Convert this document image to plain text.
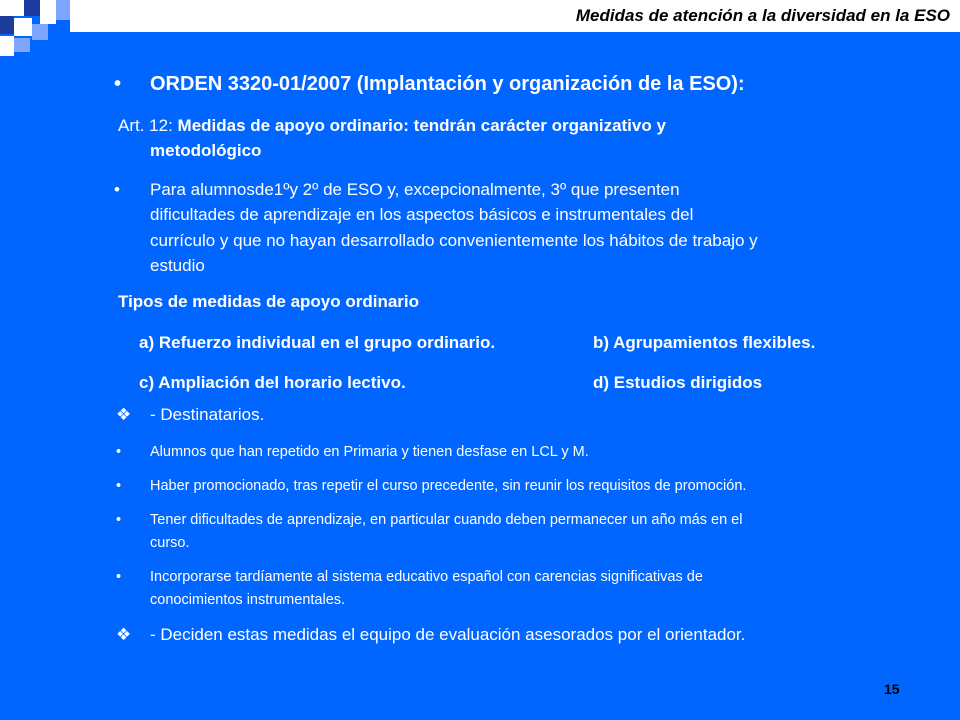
Medidas de atención a la diversidad en la ESO
• ORDEN 3320-01/2007 (Implantación y organización de la ESO):
Art. 12: Medidas de apoyo ordinario: tendrán carácter organizativo y
metodológico
• Para alumnosde1ºy 2º de ESO y, excepcionalmente, 3º que presenten
dificultades de aprendizaje en los aspectos básicos e instrumentales del
currículo y que no hayan desarrollado convenientemente los hábitos de trabajo y
estudio
Tipos de medidas de apoyo ordinario
a) Refuerzo individual en el grupo ordinario.	b) Agrupamientos flexibles.
c) Ampliación del horario lectivo.	d) Estudios dirigidos
❖ - Destinatarios.
• Alumnos que han repetido en Primaria y tienen desfase en LCL y M.
• Haber promocionado, tras repetir el curso precedente, sin reunir los requisitos de promoción.
• Tener dificultades de aprendizaje, en particular cuando deben permanecer un año más en el
curso.
• Incorporarse tardíamente al sistema educativo español con carencias significativas de
conocimientos instrumentales.
❖ - Deciden estas medidas el equipo de evaluación asesorados por el orientador.
15
